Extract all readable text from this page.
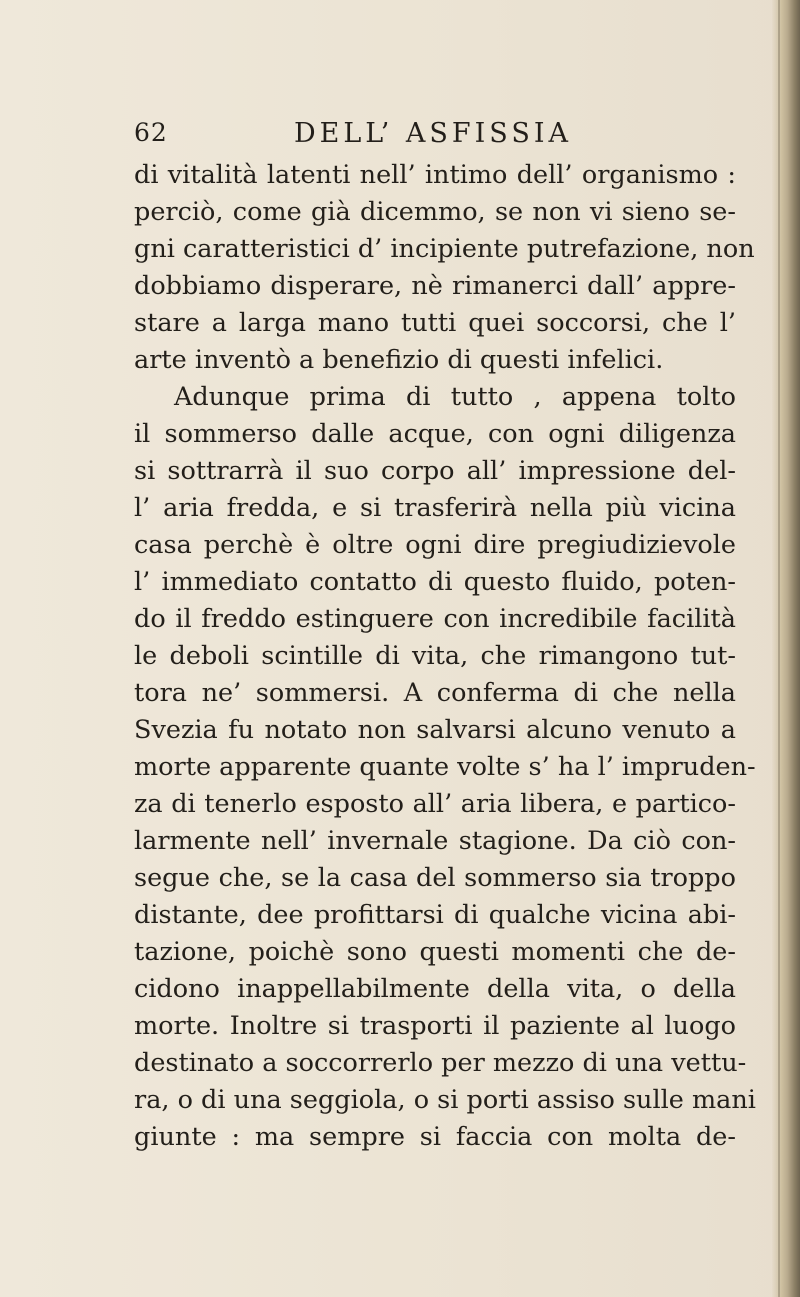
62	DELL’ ASFISSIA
di vitalità latenti nell’ intimo dell’ organismo :
perciò, come già dicemmo, se non vi sieno se-
gni caratteristici d’ incipiente putrefazione, non
dobbiamo disperare, nè rimanerci dall’ appre-
stare a larga mano tutti quei soccorsi, che l’
arte inventò a benefizio di questi infelici.
Adunque prima di tutto , appena tolto
il sommerso dalle acque, con ogni diligenza
si sottrarrà il suo corpo all’ impressione del-
l’ aria fredda, e si trasferirà nella più vicina
casa perchè è oltre ogni dire pregiudizievole
l’ immediato contatto di questo fluido, poten-
do il freddo estinguere con incredibile facilità
le deboli scintille di vita, che rimangono tut-
tora ne’ sommersi. A conferma di che nella
Svezia fu notato non salvarsi alcuno venuto a
morte apparente quante volte s’ ha l’ impruden-
za di tenerlo esposto all’ aria libera, e partico-
larmente nell’ invernale stagione. Da ciò con-
segue che, se la casa del sommerso sia troppo
distante, dee profittarsi di qualche vicina abi-
tazione, poichè sono questi momenti che de-
cidono inappellabilmente della vita, o della
morte. Inoltre si trasporti il paziente al luogo
destinato a soccorrerlo per mezzo di una vettu-
ra, o di una seggiola, o si porti assiso sulle mani
giunte : ma sempre si faccia con molta de-
